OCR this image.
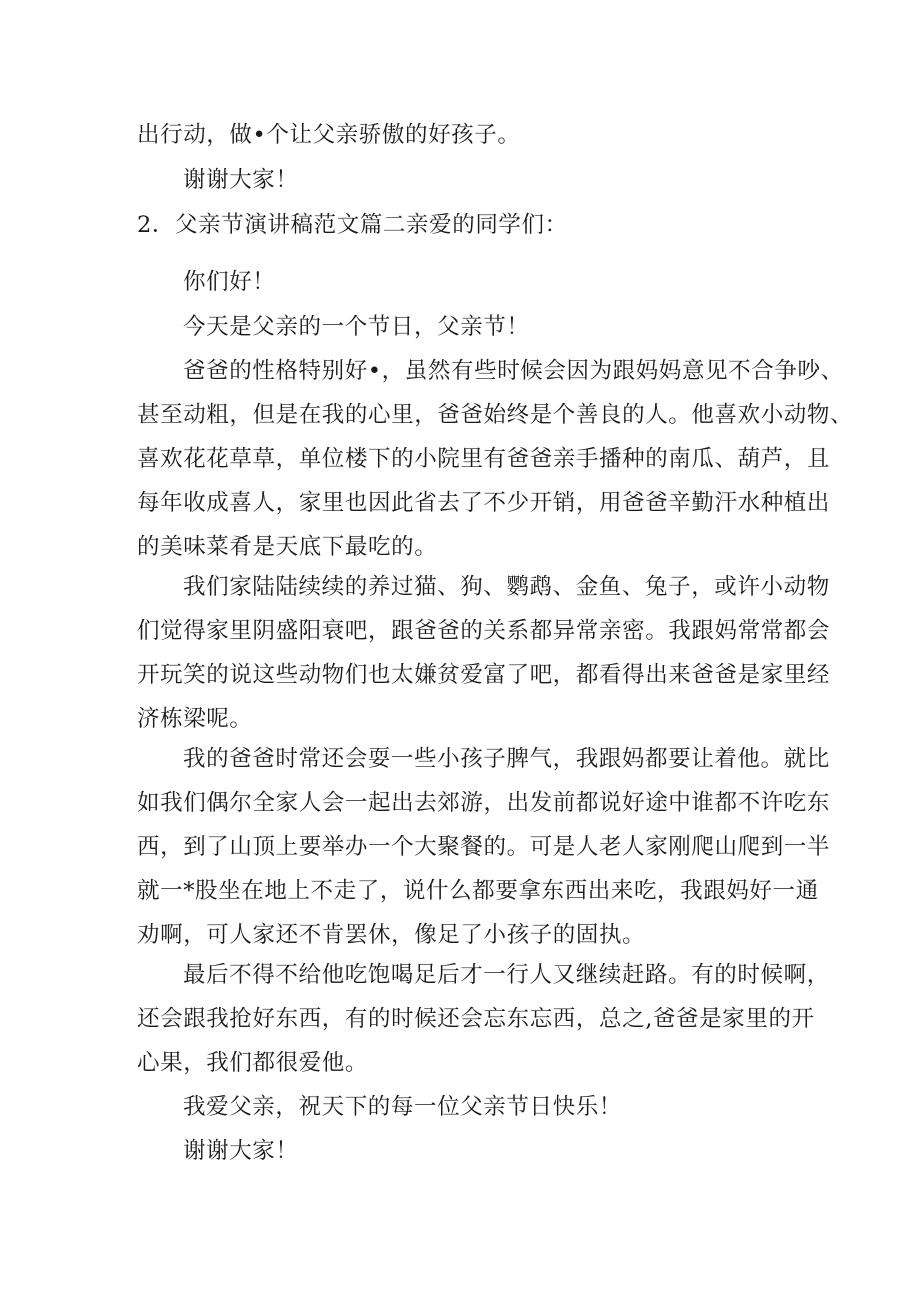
出行动，做•个让父亲骄傲的好孩子。
谢谢大家！
2．父亲节演讲稿范文篇二亲爱的同学们：
你们好！
今天是父亲的一个节日，父亲节！
爸爸的性格特别好•，虽然有些时候会因为跟妈妈意见不合争吵、
甚至动粗，但是在我的心里，爸爸始终是个善良的人。他喜欢小动物、
喜欢花花草草，单位楼下的小院里有爸爸亲手播种的南瓜、葫芦，且
每年收成喜人，家里也因此省去了不少开销，用爸爸辛勤汗水种植出
的美味菜肴是天底下最吃的。
我们家陆陆续续的养过猫、狗、鹦鹉、金鱼、兔子，或许小动物
们觉得家里阴盛阳衰吧，跟爸爸的关系都异常亲密。我跟妈常常都会
开玩笑的说这些动物们也太嫌贫爱富了吧，都看得出来爸爸是家里经
济栋梁呢。
我的爸爸时常还会耍一些小孩子脾气，我跟妈都要让着他。就比
如我们偶尔全家人会一起出去郊游，出发前都说好途中谁都不许吃东
西，到了山顶上要举办一个大聚餐的。可是人老人家刚爬山爬到一半
就一*股坐在地上不走了，说什么都要拿东西出来吃，我跟妈好一通
劝啊，可人家还不肯罢休，像足了小孩子的固执。
最后不得不给他吃饱喝足后才一行人又继续赶路。有的时候啊，
还会跟我抢好东西，有的时候还会忘东忘西，总之,爸爸是家里的开
心果，我们都很爱他。
我爱父亲，祝天下的每一位父亲节日快乐！
谢谢大家！
